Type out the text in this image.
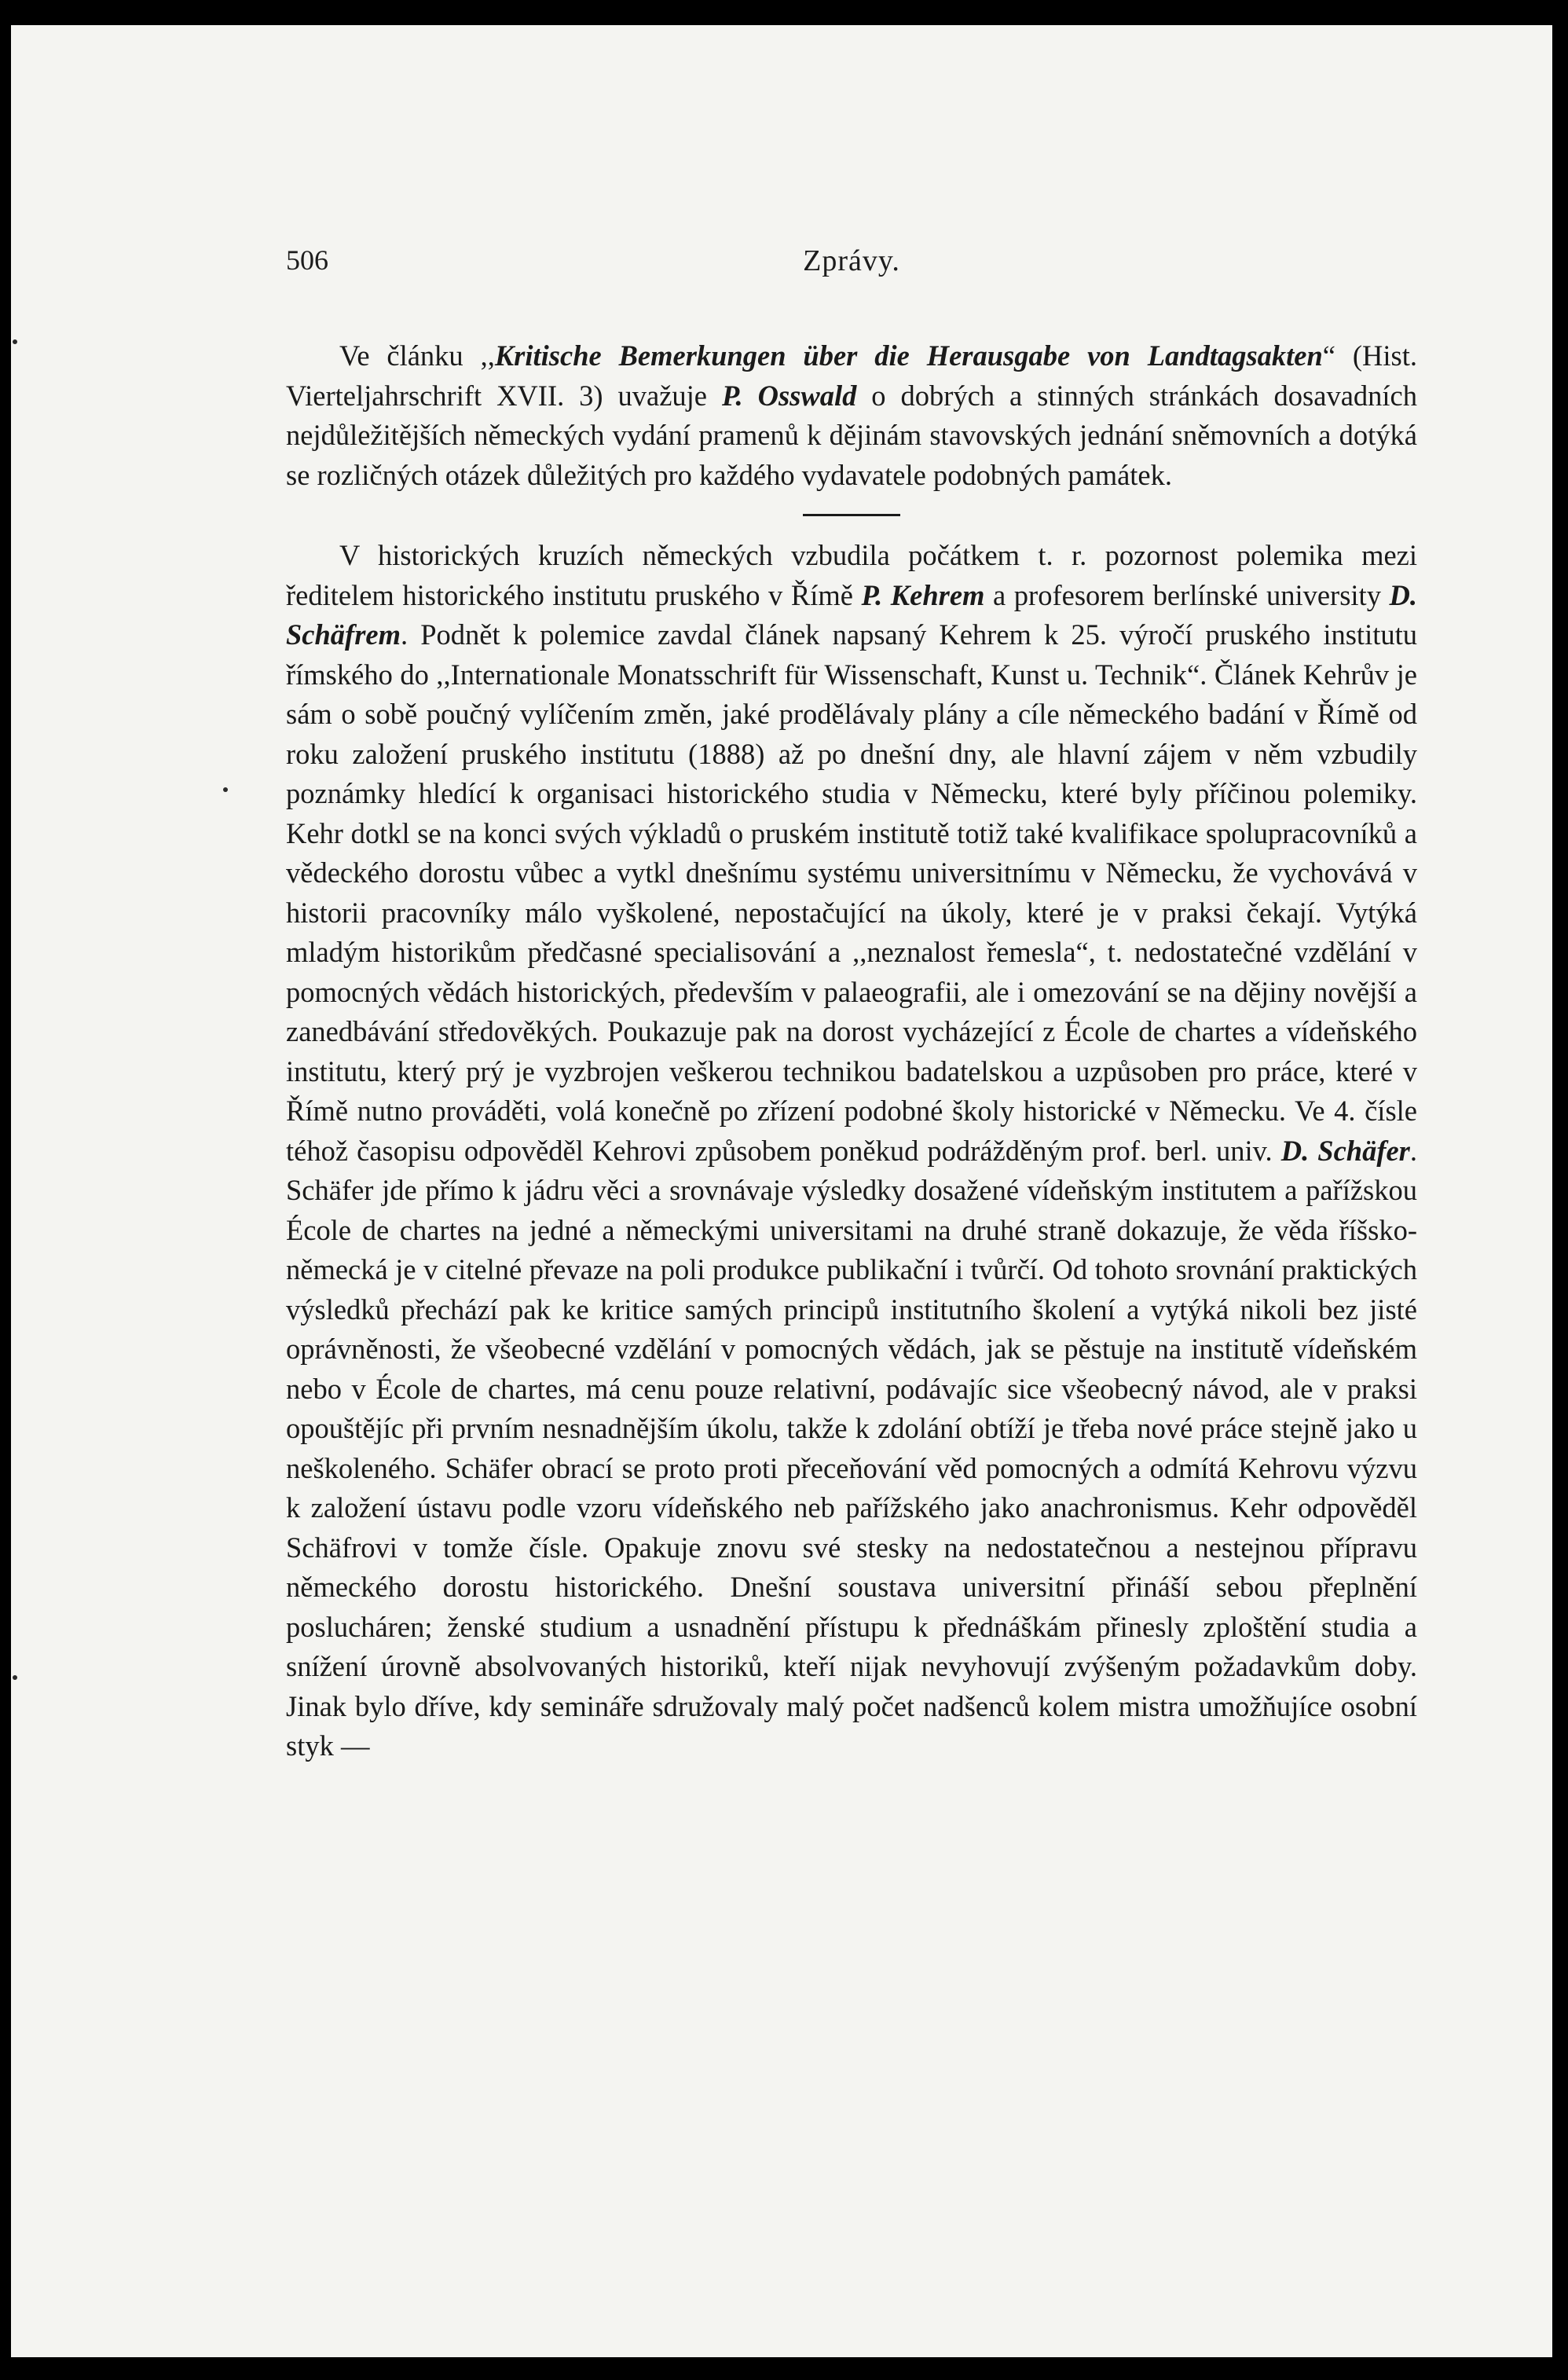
506	Zprávy.

Ve článku ,,Kritische Bemerkungen über die Herausgabe von Landtagsakten“ (Hist. Vierteljahrschrift XVII. 3) uvažuje P. Osswald o dobrých a stinných stránkách dosavadních nejdůležitějších německých vydání pramenů k dějinám stavovských jednání sněmovních a dotýká se rozličných otázek důležitých pro každého vydavatele podobných památek.

V historických kruzích německých vzbudila počátkem t. r. pozornost polemika mezi ředitelem historického institutu pruského v Římě P. Kehrem a profesorem berlínské university D. Schäfrem. Podnět k polemice zavdal článek napsaný Kehrem k 25. výročí pruského institutu římského do ,,Internationale Monatsschrift für Wissenschaft, Kunst u. Technik“. Článek Kehrův je sám o sobě poučný vylíčením změn, jaké prodělávaly plány a cíle německého badání v Římě od roku založení pruského institutu (1888) až po dnešní dny, ale hlavní zájem v něm vzbudily poznámky hledící k organisaci historického studia v Německu, které byly příčinou polemiky. Kehr dotkl se na konci svých výkladů o pruském institutě totiž také kvalifikace spolupracovníků a vědeckého dorostu vůbec a vytkl dnešnímu systému universitnímu v Německu, že vychovává v historii pracovníky málo vyškolené, nepostačující na úkoly, které je v praksi čekají. Vytýká mladým historikům předčasné specialisování a ,,neznalost řemesla“, t. nedostatečné vzdělání v pomocných vědách historických, především v palaeografii, ale i omezování se na dějiny novější a zanedbávání středověkých. Poukazuje pak na dorost vycházející z École de chartes a vídeňského institutu, který prý je vyzbrojen veškerou technikou badatelskou a uzpůsoben pro práce, které v Římě nutno prováděti, volá konečně po zřízení podobné školy historické v Německu. Ve 4. čísle téhož časopisu odpověděl Kehrovi způsobem poněkud podrážděným prof. berl. univ. D. Schäfer. Schäfer jde přímo k jádru věci a srovnávaje výsledky dosažené vídeňským institutem a pařížskou École de chartes na jedné a německými universitami na druhé straně dokazuje, že věda říšsko-německá je v citelné převaze na poli produkce publikační i tvůrčí. Od tohoto srovnání praktických výsledků přechází pak ke kritice samých principů institutního školení a vytýká nikoli bez jisté oprávněnosti, že všeobecné vzdělání v pomocných vědách, jak se pěstuje na institutě vídeňském nebo v École de chartes, má cenu pouze relativní, podávajíc sice všeobecný návod, ale v praksi opouštějíc při prvním nesnadnějším úkolu, takže k zdolání obtíží je třeba nové práce stejně jako u neškoleného. Schäfer obrací se proto proti přeceňování věd pomocných a odmítá Kehrovu výzvu k založení ústavu podle vzoru vídeňského neb pařížského jako anachronismus. Kehr odpověděl Schäfrovi v tomže čísle. Opakuje znovu své stesky na nedostatečnou a nestejnou přípravu německého dorostu historického. Dnešní soustava universitní přináší sebou přeplnění poslucháren; ženské studium a usnadnění přístupu k přednáškám přinesly zploštění studia a snížení úrovně absolvovaných historiků, kteří nijak nevyhovují zvýšeným požadavkům doby. Jinak bylo dříve, kdy semináře sdružovaly malý počet nadšenců kolem mistra umožňujíce osobní styk —
